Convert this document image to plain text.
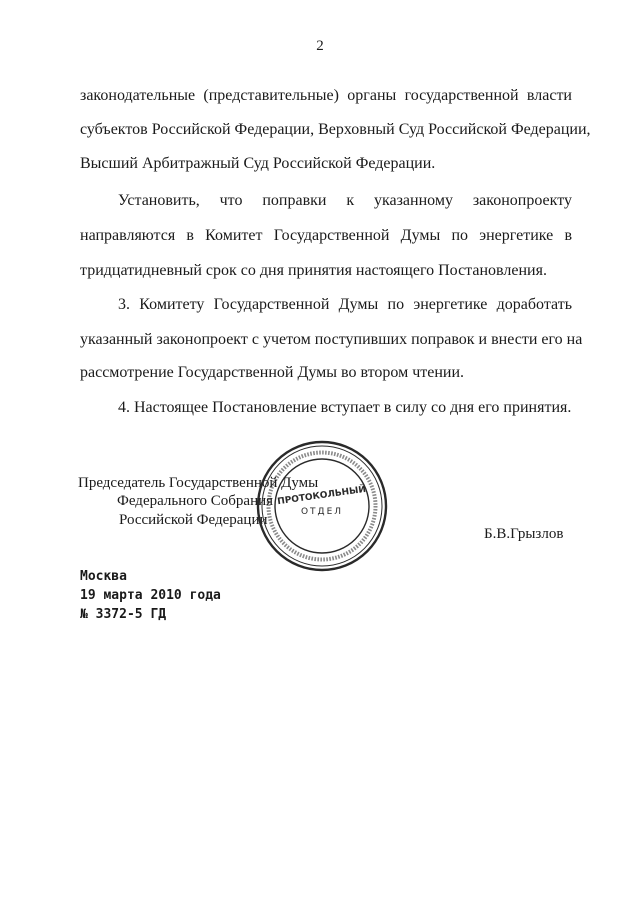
2
законодательные (представительные) органы государственной власти
субъектов Российской Федерации, Верховный Суд Российской Федерации,
Высший Арбитражный Суд Российской Федерации.
Установить, что поправки к указанному законопроекту
направляются в Комитет Государственной Думы по энергетике в
тридцатидневный срок со дня принятия настоящего Постановления.
3. Комитету Государственной Думы по энергетике доработать
указанный законопроект с учетом поступивших поправок и внести его на
рассмотрение Государственной Думы во втором чтении.
4. Настоящее Постановление вступает в силу со дня его принятия.
Председатель Государственной Думы
Федерального Собрания
Российской Федерации
Б.В.Грызлов
ПРОТОКОЛЬНЫЙ
ОТДЕЛ
Москва
19 марта 2010 года
№ 3372-5 ГД
